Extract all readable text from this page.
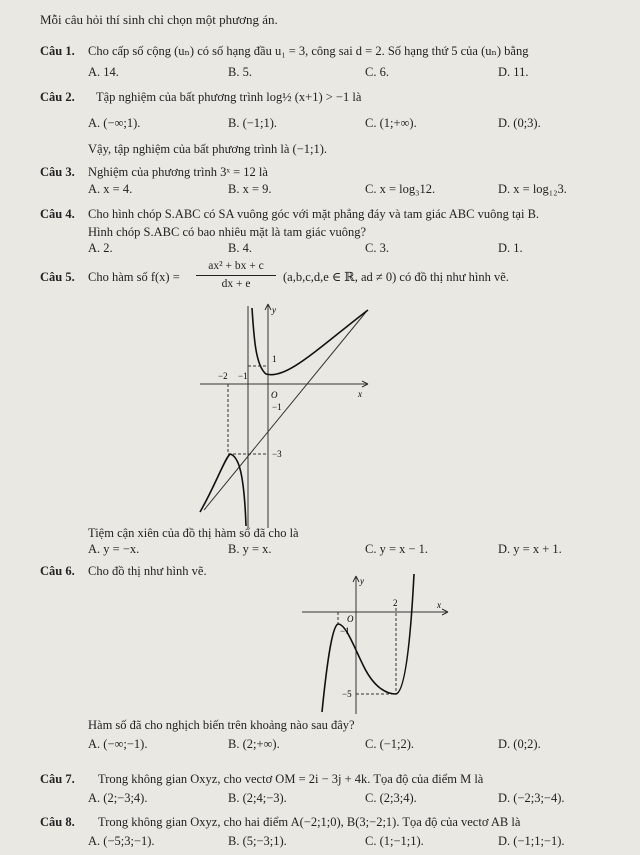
Mỗi câu hỏi thí sinh chỉ chọn một phương án.
Câu 1. Cho cấp số cộng (uₙ) có số hạng đầu u₁ = 3, công sai d = 2. Số hạng thứ 5 của (uₙ) bằng
A. 14.	B. 5.	C. 6.	D. 11.
Câu 2. Tập nghiệm của bất phương trình log½ (x+1) > −1 là
A. (−∞;1).	B. (−1;1).	C. (1;+∞).	D. (0;3).
Vậy, tập nghiệm của bất phương trình là (−1;1).
Câu 3. Nghiệm của phương trình 3ˣ = 12 là
A. x = 4.	B. x = 9.	C. x = log₃12.	D. x = log₁₂3.
Câu 4. Cho hình chóp S.ABC có SA vuông góc với mặt phẳng đáy và tam giác ABC vuông tại B.
Hình chóp S.ABC có bao nhiêu mặt là tam giác vuông?
A. 2.	B. 4.	C. 3.	D. 1.
Câu 5. Cho hàm số f(x) =
ax² + bx + c
dx + e	(a,b,c,d,e ∈ ℝ, ad ≠ 0) có đồ thị như hình vẽ.
y
x
O
−2 −1
1
−1
−3
Tiệm cận xiên của đồ thị hàm số đã cho là
A. y = −x.	B. y = x.	C. y = x − 1.	D. y = x + 1.
Câu 6. Cho đồ thị như hình vẽ.
y
x
O
−1
2
−5
Hàm số đã cho nghịch biến trên khoảng nào sau đây?
A. (−∞;−1).	B. (2;+∞).	C. (−1;2).	D. (0;2).
Câu 7. Trong không gian Oxyz, cho vectơ OM = 2i − 3j + 4k. Tọa độ của điểm M là
A. (2;−3;4).	B. (2;4;−3).	C. (2;3;4).	D. (−2;3;−4).
Câu 8. Trong không gian Oxyz, cho hai điểm A(−2;1;0), B(3;−2;1). Tọa độ của vectơ AB là
A. (−5;3;−1).	B. (5;−3;1).	C. (1;−1;1).	D. (−1;1;−1).
